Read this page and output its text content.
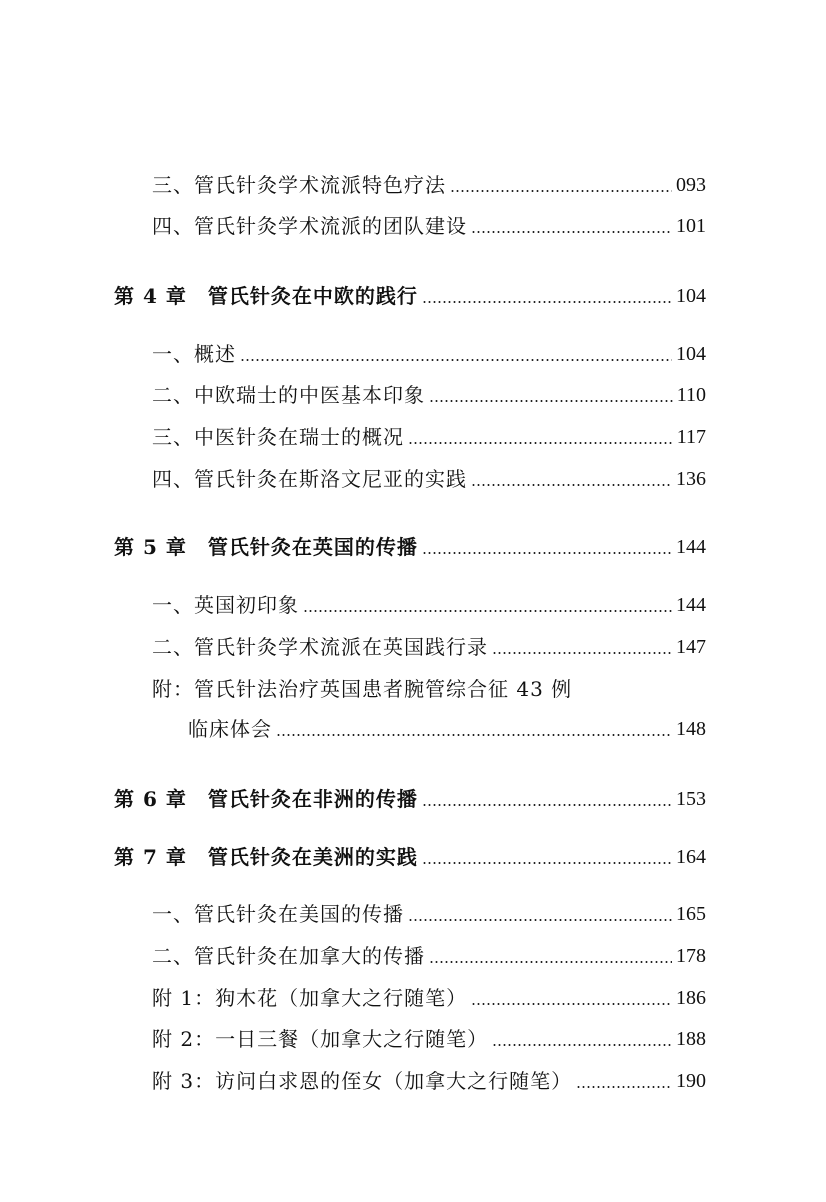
三、管氏针灸学术流派特色疗法	093
四、管氏针灸学术流派的团队建设	101
第 4 章　管氏针灸在中欧的践行	104
一、概述	104
二、中欧瑞士的中医基本印象	110
三、中医针灸在瑞士的概况	117
四、管氏针灸在斯洛文尼亚的实践	136
第 5 章　管氏针灸在英国的传播	144
一、英国初印象	144
二、管氏针灸学术流派在英国践行录	147
附：管氏针法治疗英国患者腕管综合征 43 例
临床体会	148
第 6 章　管氏针灸在非洲的传播	153
第 7 章　管氏针灸在美洲的实践	164
一、管氏针灸在美国的传播	165
二、管氏针灸在加拿大的传播	178
附 1：狗木花（加拿大之行随笔）	186
附 2：一日三餐（加拿大之行随笔）	188
附 3：访问白求恩的侄女（加拿大之行随笔）	190
